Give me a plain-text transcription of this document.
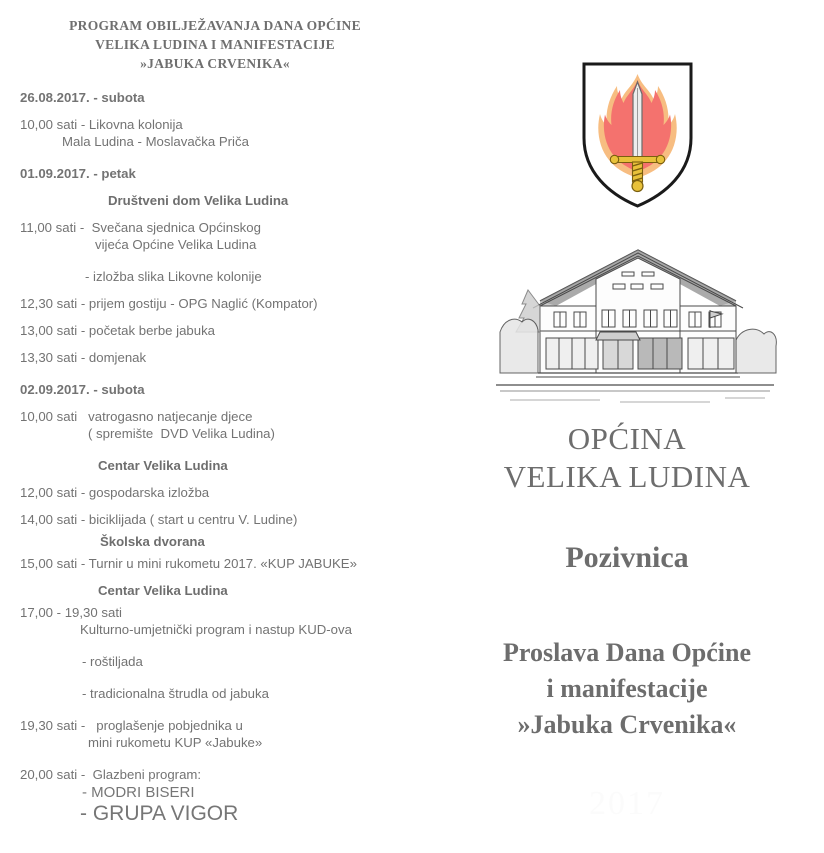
PROGRAM OBILJEŽAVANJA DANA OPĆINE
VELIKA LUDINA I MANIFESTACIJE
»JABUKA CRVENIKA«
26.08.2017. - subota
10,00 sati - Likovna kolonija
Mala Ludina - Moslavačka Priča
01.09.2017. - petak
Društveni dom Velika Ludina
11,00 sati -  Svečana sjednica Općinskog
vijeća Općine Velika Ludina
- izložba slika Likovne kolonije
12,30 sati - prijem gostiju - OPG Naglić (Kompator)
13,00 sati - početak berbe jabuka
13,30 sati - domjenak
02.09.2017. - subota
10,00 sati   vatrogasno natjecanje djece
( spremište  DVD Velika Ludina)
Centar Velika Ludina
12,00 sati - gospodarska izložba
14,00 sati - biciklijada ( start u centru V. Ludine)
Školska dvorana
15,00 sati - Turnir u mini rukometu 2017. «KUP JABUKE»
Centar Velika Ludina
17,00 - 19,30 sati
Kulturno-umjetnički program i nastup KUD-ova
- roštiljada
- tradicionalna štrudla od jabuka
19,30 sati -   proglašenje pobjednika u
mini rukometu KUP «Jabuke»
20,00 sati -  Glazbeni program:
- MODRI BISERI
- GRUPA VIGOR
OPĆINA
VELIKA LUDINA
Pozivnica
Proslava Dana Općine
i manifestacije
»Jabuka Crvenika«
2017
